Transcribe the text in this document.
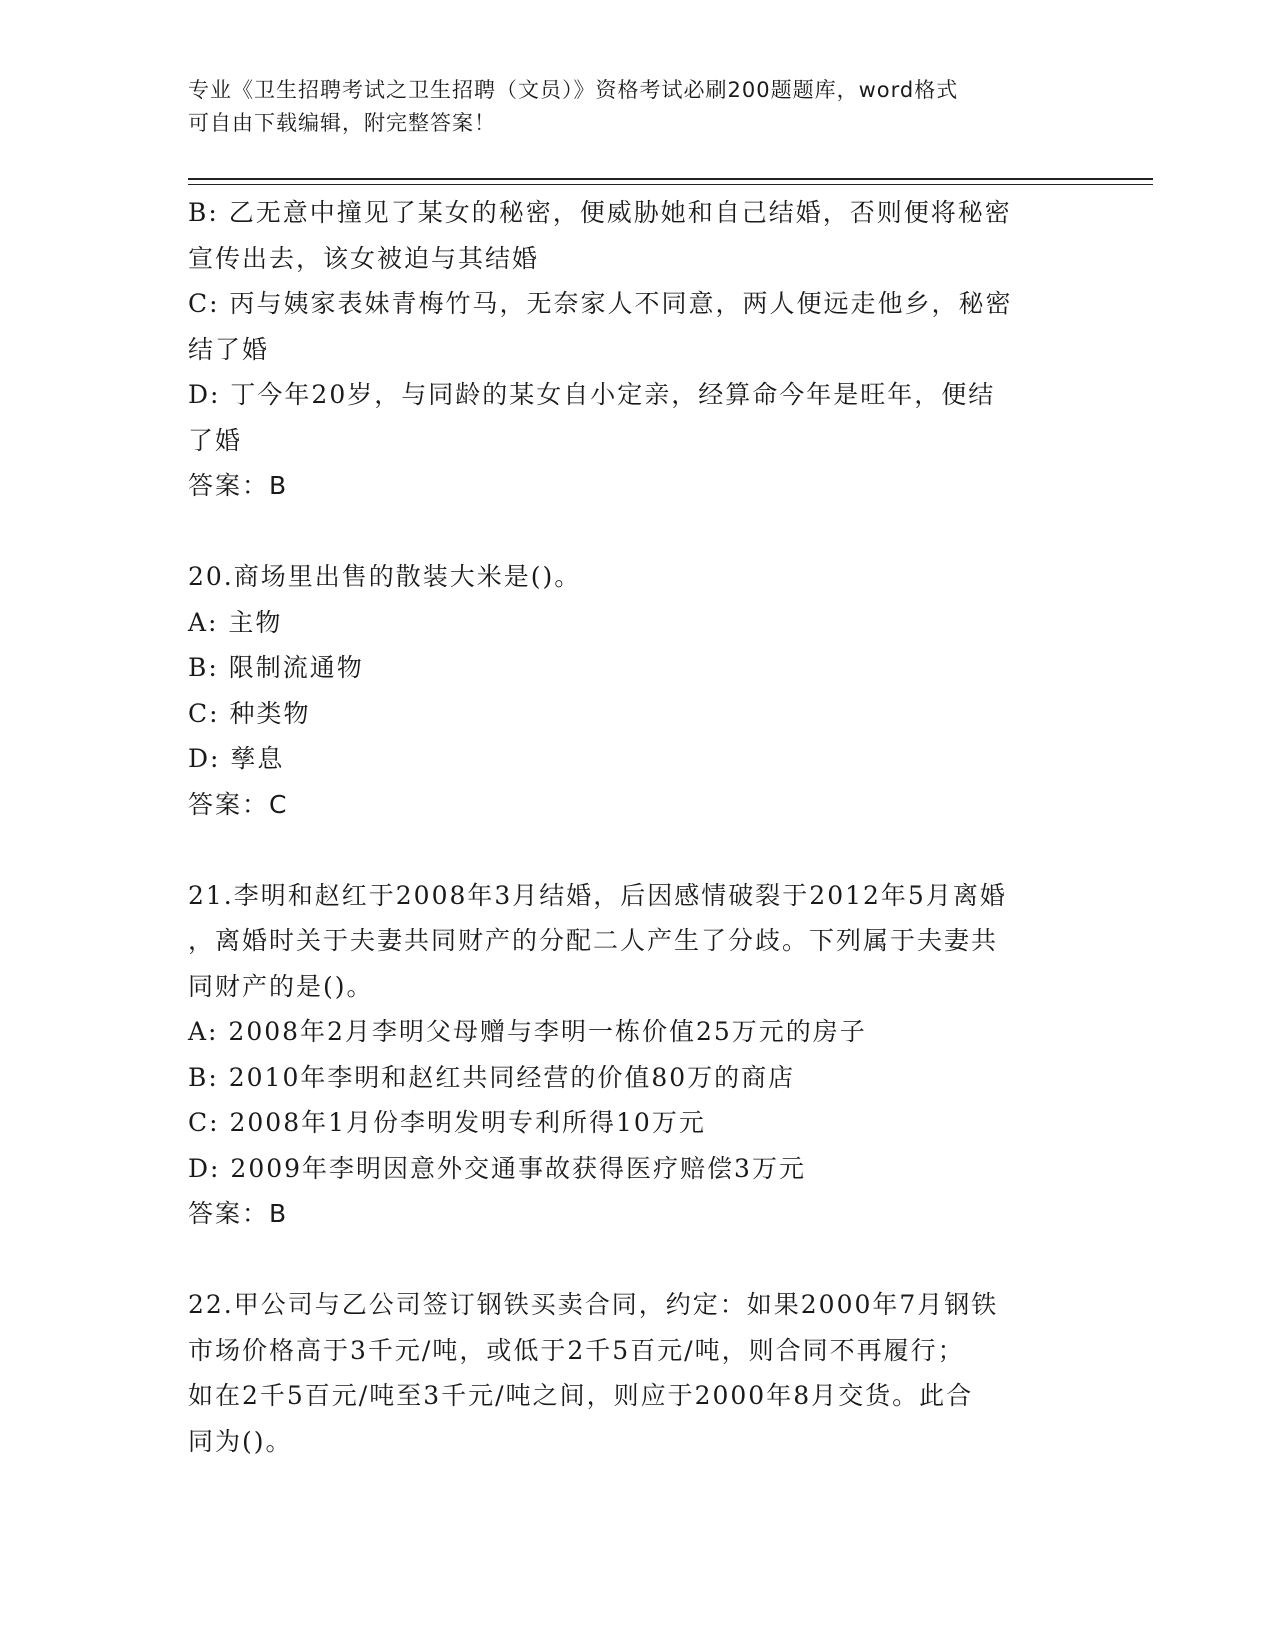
专业《卫生招聘考试之卫生招聘（文员）》资格考试必刷200题题库，word格式
可自由下载编辑，附完整答案！
B: 乙无意中撞见了某女的秘密，便威胁她和自己结婚，否则便将秘密
宣传出去，该女被迫与其结婚
C: 丙与姨家表妹青梅竹马，无奈家人不同意，两人便远走他乡，秘密
结了婚
D: 丁今年20岁，与同龄的某女自小定亲，经算命今年是旺年，便结
了婚
答案：B
20.商场里出售的散装大米是()。
A: 主物
B: 限制流通物
C: 种类物
D: 孳息
答案：C
21.李明和赵红于2008年3月结婚，后因感情破裂于2012年5月离婚
，离婚时关于夫妻共同财产的分配二人产生了分歧。下列属于夫妻共
同财产的是()。
A: 2008年2月李明父母赠与李明一栋价值25万元的房子
B: 2010年李明和赵红共同经营的价值80万的商店
C: 2008年1月份李明发明专利所得10万元
D: 2009年李明因意外交通事故获得医疗赔偿3万元
答案：B
22.甲公司与乙公司签订钢铁买卖合同，约定：如果2000年7月钢铁
市场价格高于3千元/吨，或低于2千5百元/吨，则合同不再履行；
如在2千5百元/吨至3千元/吨之间，则应于2000年8月交货。此合
同为()。
